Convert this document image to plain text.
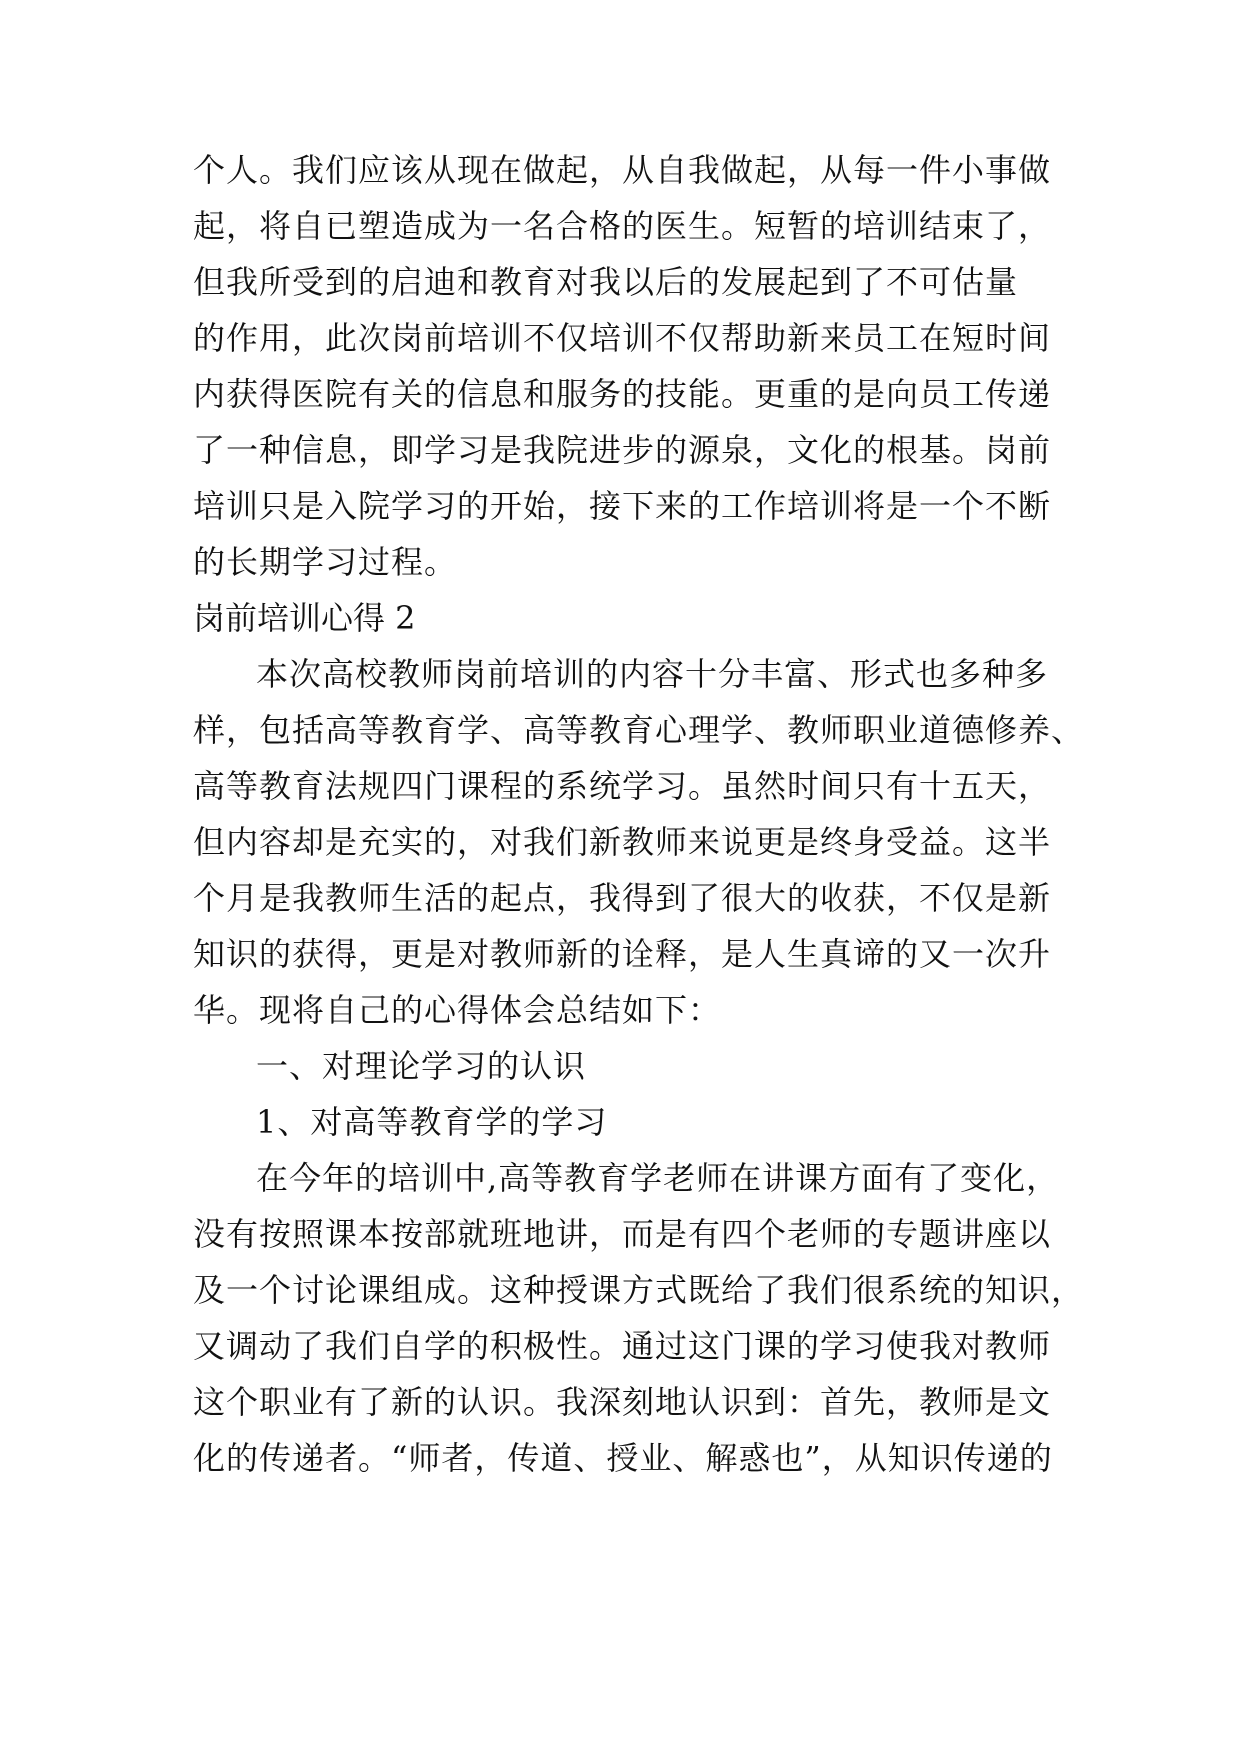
个人。我们应该从现在做起，从自我做起，从每一件小事做
起，将自已塑造成为一名合格的医生。短暂的培训结束了，
但我所受到的启迪和教育对我以后的发展起到了不可估量
的作用，此次岗前培训不仅培训不仅帮助新来员工在短时间
内获得医院有关的信息和服务的技能。更重的是向员工传递
了一种信息，即学习是我院进步的源泉，文化的根基。岗前
培训只是入院学习的开始，接下来的工作培训将是一个不断
的长期学习过程。
岗前培训心得 2
本次高校教师岗前培训的内容十分丰富、形式也多种多
样，包括高等教育学、高等教育心理学、教师职业道德修养、
高等教育法规四门课程的系统学习。虽然时间只有十五天，
但内容却是充实的，对我们新教师来说更是终身受益。这半
个月是我教师生活的起点，我得到了很大的收获，不仅是新
知识的获得，更是对教师新的诠释，是人生真谛的又一次升
华。现将自己的心得体会总结如下：
一、对理论学习的认识
1、对高等教育学的学习
在今年的培训中,高等教育学老师在讲课方面有了变化，
没有按照课本按部就班地讲，而是有四个老师的专题讲座以
及一个讨论课组成。这种授课方式既给了我们很系统的知识，
又调动了我们自学的积极性。通过这门课的学习使我对教师
这个职业有了新的认识。我深刻地认识到：首先，教师是文
化的传递者。“师者，传道、授业、解惑也”，从知识传递的
